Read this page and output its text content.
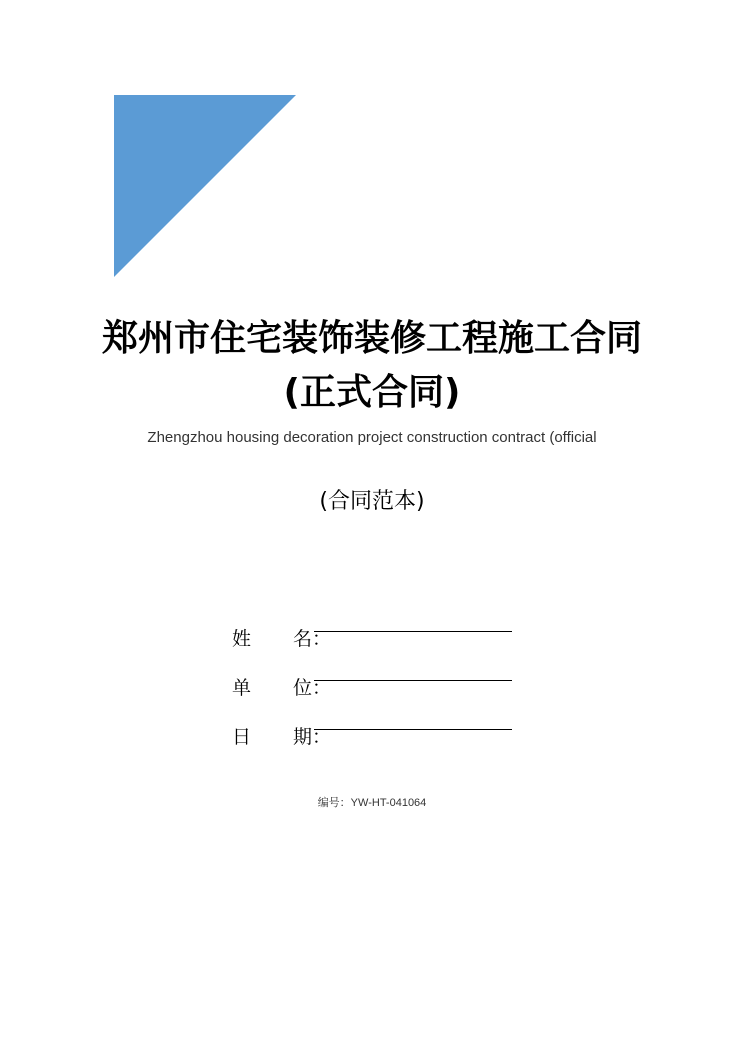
郑州市住宅装饰装修工程施工合同(正式合同)
Zhengzhou housing decoration project construction contract (official
(合同范本)
姓 名 ：
单 位 ：
日 期 ：
编号：YW-HT-041064
